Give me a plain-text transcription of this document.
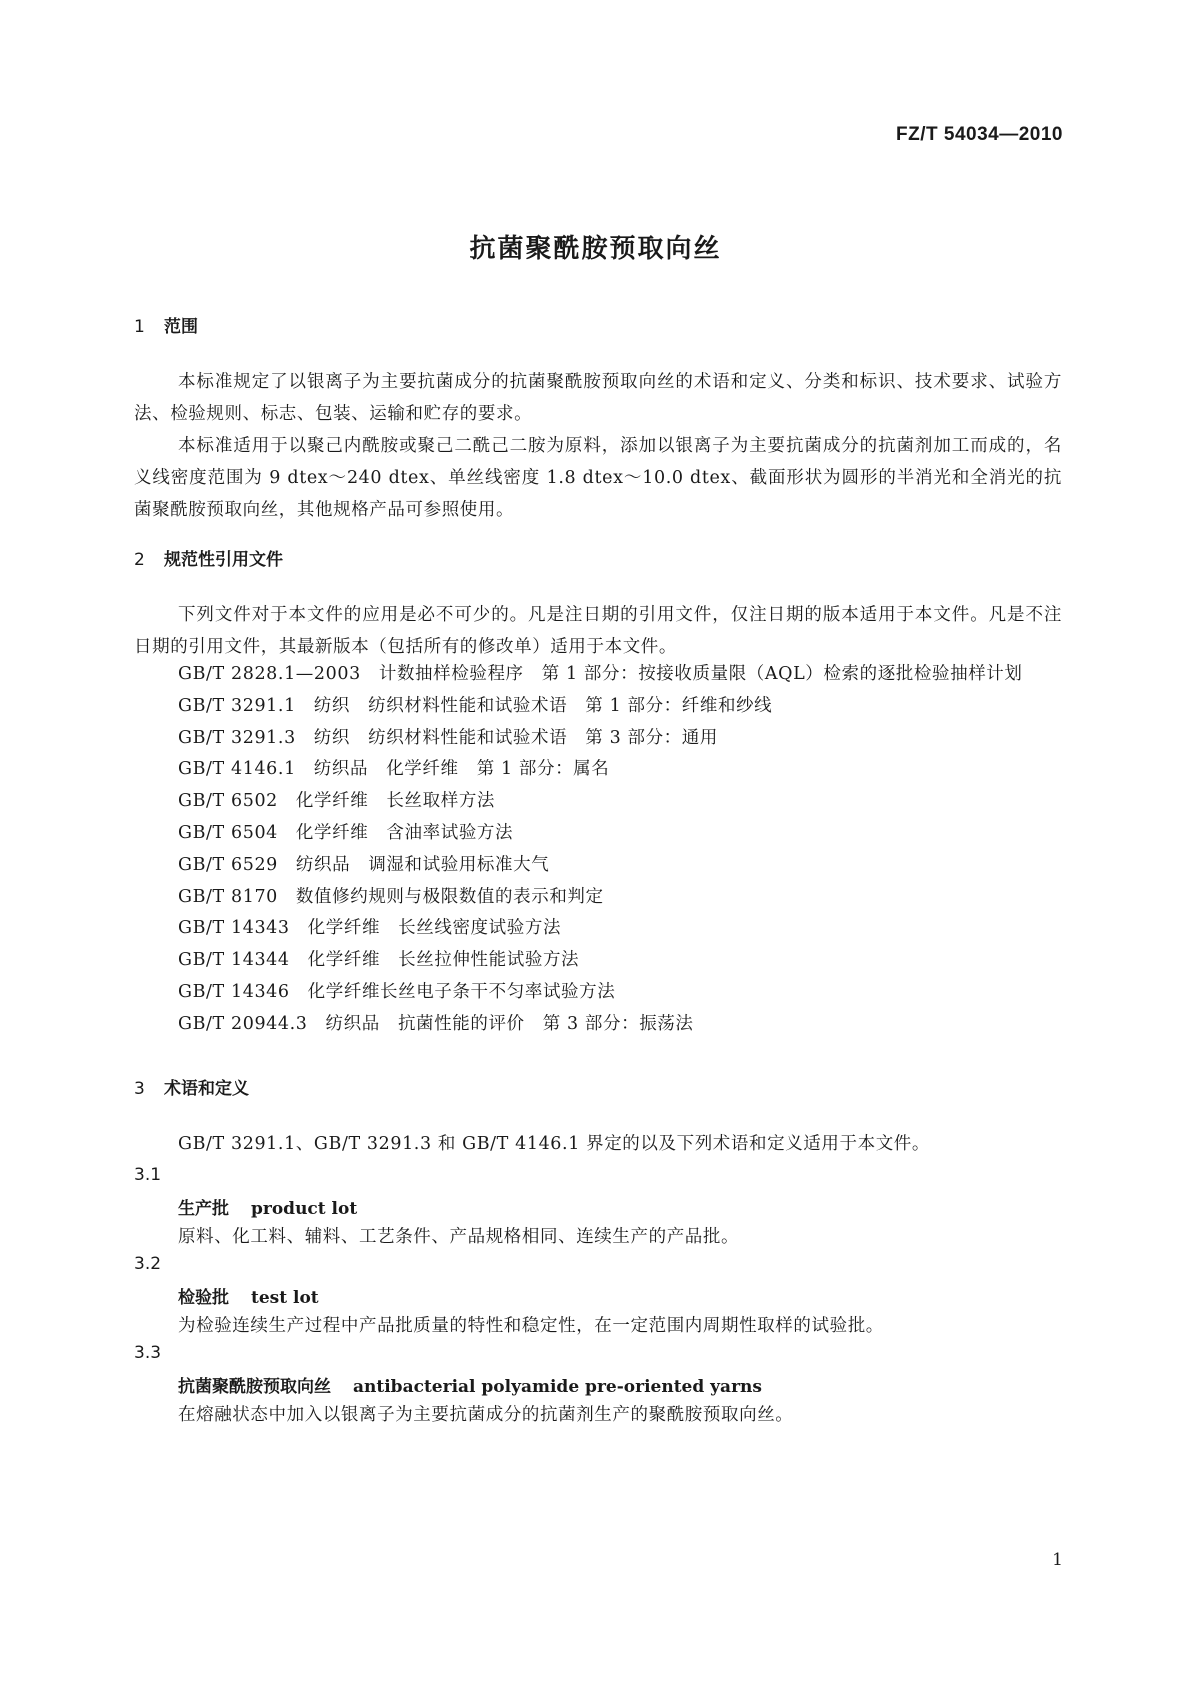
FZ/T 54034—2010
抗菌聚酰胺预取向丝
1 范围
本标准规定了以银离子为主要抗菌成分的抗菌聚酰胺预取向丝的术语和定义、分类和标识、技术要求、试验方法、检验规则、标志、包装、运输和贮存的要求。
本标准适用于以聚己内酰胺或聚己二酰己二胺为原料，添加以银离子为主要抗菌成分的抗菌剂加工而成的，名义线密度范围为 9 dtex～240 dtex、单丝线密度 1.8 dtex～10.0 dtex、截面形状为圆形的半消光和全消光的抗菌聚酰胺预取向丝，其他规格产品可参照使用。
2 规范性引用文件
下列文件对于本文件的应用是必不可少的。凡是注日期的引用文件，仅注日期的版本适用于本文件。凡是不注日期的引用文件，其最新版本（包括所有的修改单）适用于本文件。
GB/T 2828.1—2003 计数抽样检验程序　第 1 部分：按接收质量限（AQL）检索的逐批检验抽样计划
GB/T 3291.1 纺织　纺织材料性能和试验术语　第 1 部分：纤维和纱线
GB/T 3291.3 纺织　纺织材料性能和试验术语　第 3 部分：通用
GB/T 4146.1 纺织品　化学纤维　第 1 部分：属名
GB/T 6502 化学纤维　长丝取样方法
GB/T 6504 化学纤维　含油率试验方法
GB/T 6529 纺织品　调湿和试验用标准大气
GB/T 8170 数值修约规则与极限数值的表示和判定
GB/T 14343 化学纤维　长丝线密度试验方法
GB/T 14344 化学纤维　长丝拉伸性能试验方法
GB/T 14346 化学纤维长丝电子条干不匀率试验方法
GB/T 20944.3 纺织品　抗菌性能的评价　第 3 部分：振荡法
3 术语和定义
GB/T 3291.1、GB/T 3291.3 和 GB/T 4146.1 界定的以及下列术语和定义适用于本文件。
3.1
生产批 product lot
原料、化工料、辅料、工艺条件、产品规格相同、连续生产的产品批。
3.2
检验批 test lot
为检验连续生产过程中产品批质量的特性和稳定性，在一定范围内周期性取样的试验批。
3.3
抗菌聚酰胺预取向丝 antibacterial polyamide pre-oriented yarns
在熔融状态中加入以银离子为主要抗菌成分的抗菌剂生产的聚酰胺预取向丝。
1
